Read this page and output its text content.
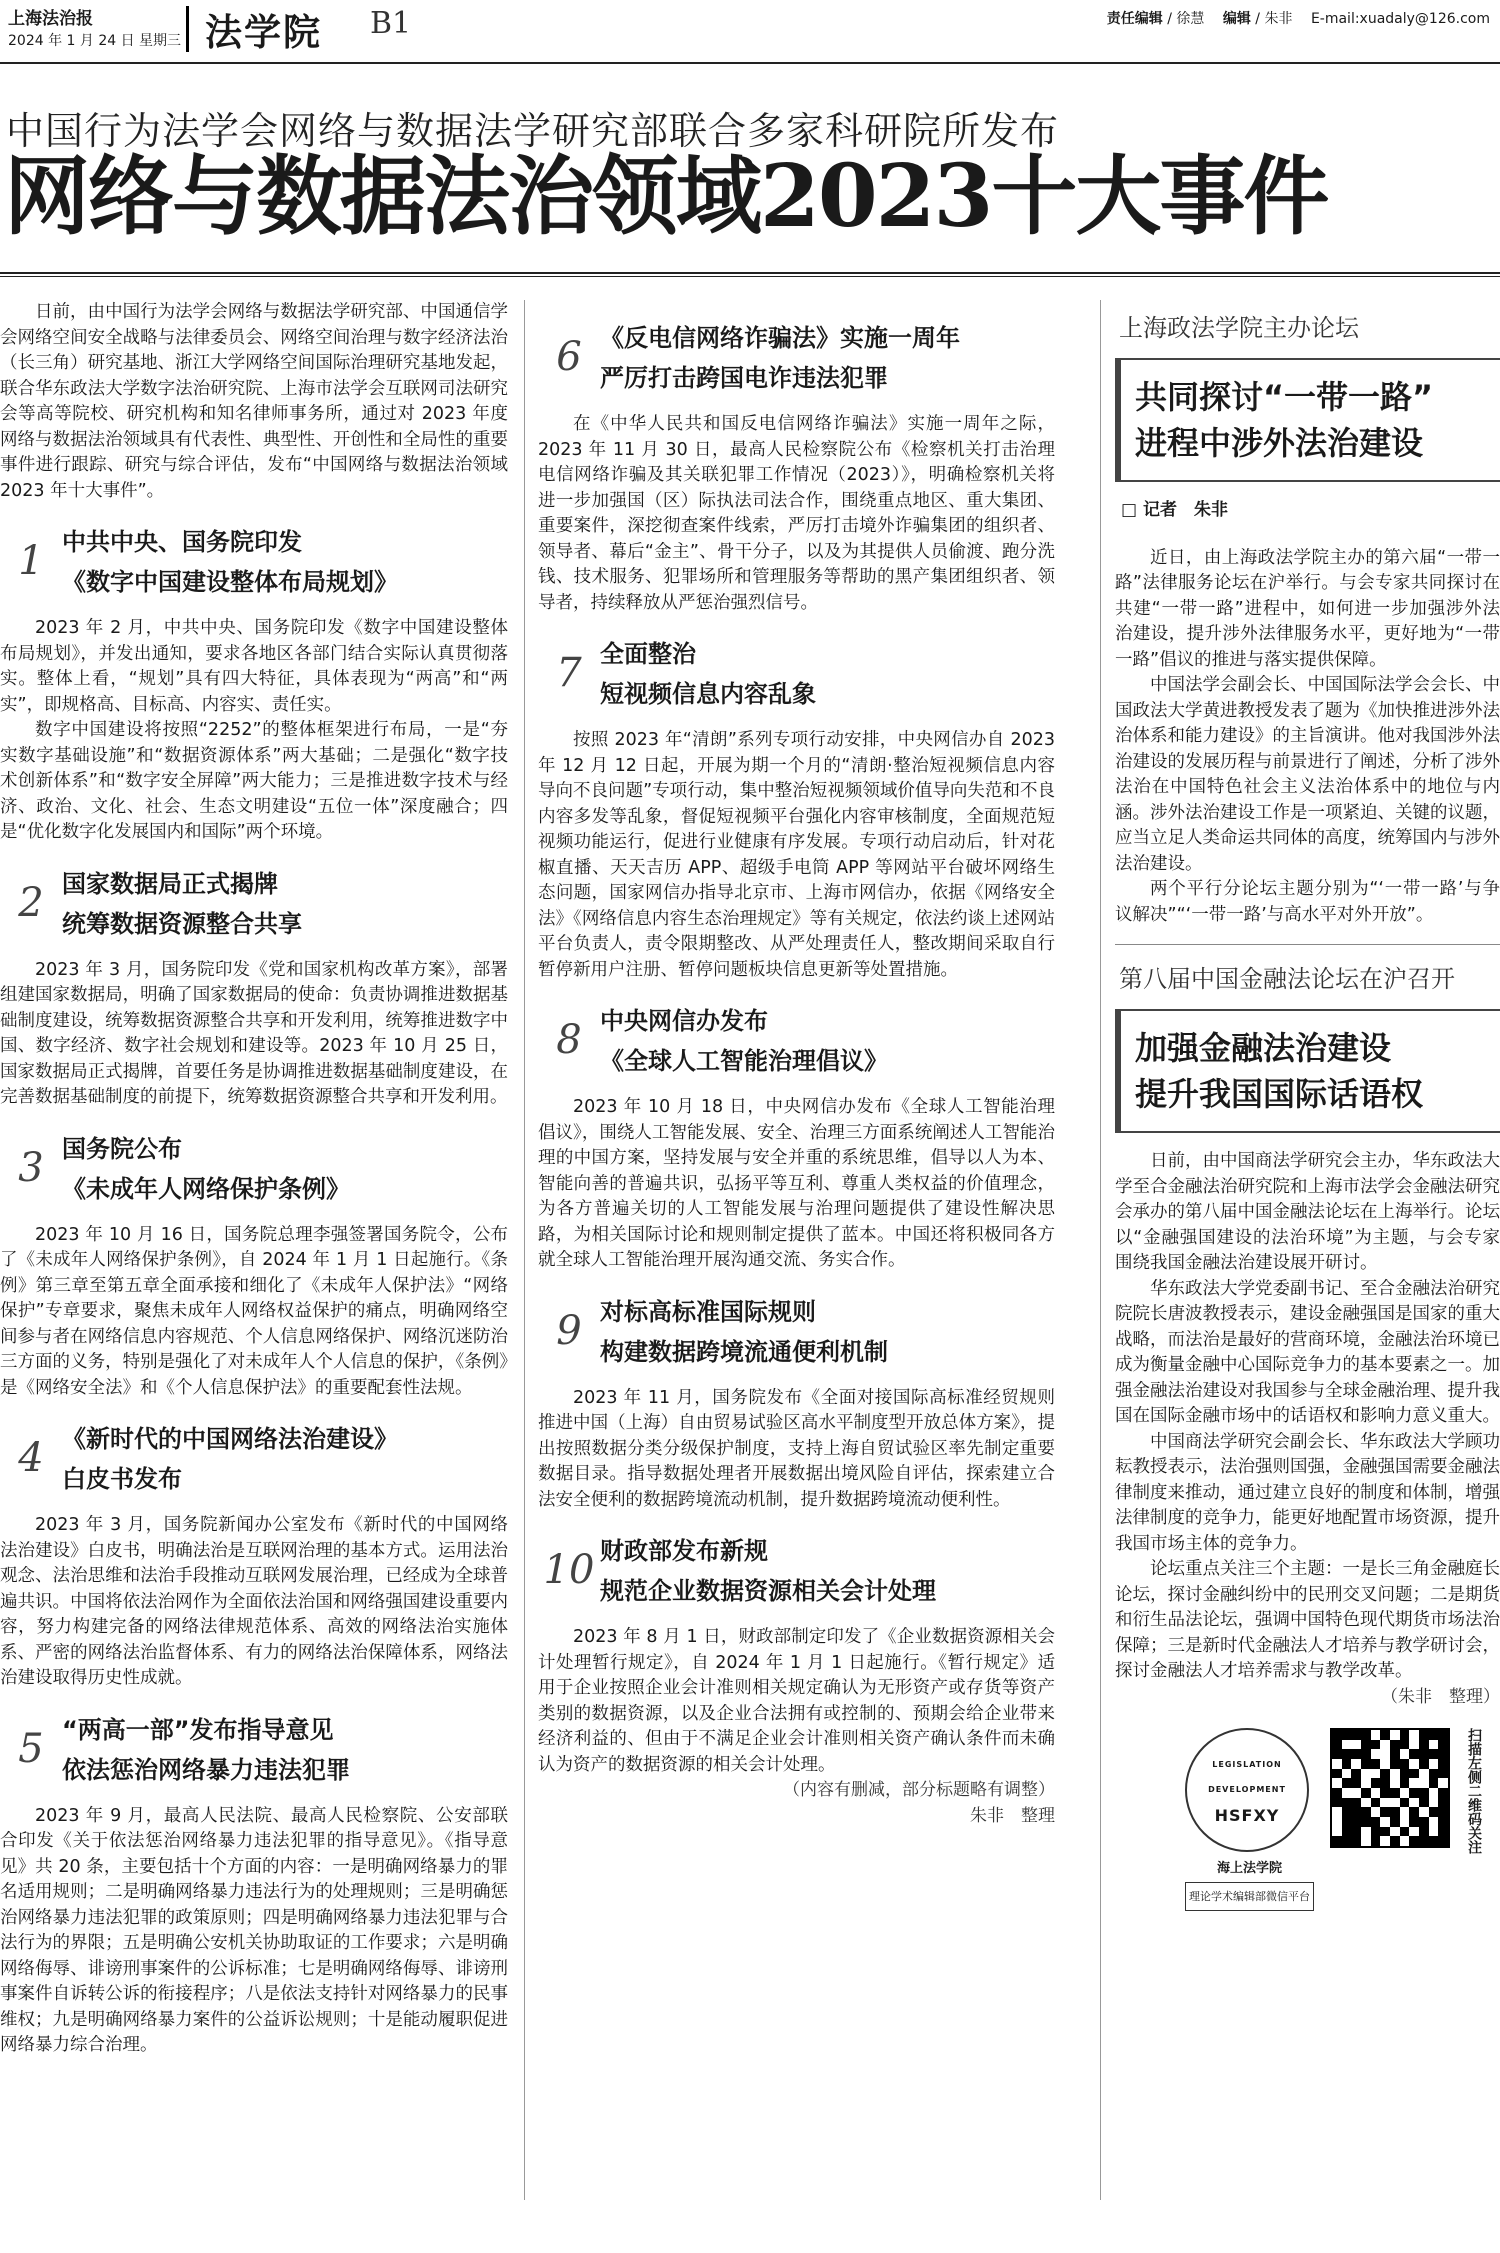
上海法治报
2024 年 1 月 24 日 星期三 法学院 B1	责任编辑 / 徐慧　 编辑 / 朱非　 E-mail:xuadaly@126.com
中国行为法学会网络与数据法学研究部联合多家科研院所发布
网络与数据法治领域2023十大事件

日前，由中国行为法学会网络与数据法学研究部、中国通信学会网络空间安全战略与法律委员会、网络空间治理与数字经济法治（长三角）研究基地、浙江大学网络空间国际治理研究基地发起，联合华东政法大学数字法治研究院、上海市法学会互联网司法研究会等高等院校、研究机构和知名律师事务所，通过对 2023 年度网络与数据法治领域具有代表性、典型性、开创性和全局性的重要事件进行跟踪、研究与综合评估，发布“中国网络与数据法治领域 2023 年十大事件”。

1 中共中央、国务院印发
《数字中国建设整体布局规划》

2023 年 2 月，中共中央、国务院印发《数字中国建设整体布局规划》，并发出通知，要求各地区各部门结合实际认真贯彻落实。整体上看，“规划”具有四大特征，具体表现为“两高”和“两实”，即规格高、目标高、内容实、责任实。

数字中国建设将按照“2252”的整体框架进行布局，一是“夯实数字基础设施”和“数据资源体系”两大基础；二是强化“数字技术创新体系”和“数字安全屏障”两大能力；三是推进数字技术与经济、政治、文化、社会、生态文明建设“五位一体”深度融合；四是“优化数字化发展国内和国际”两个环境。

2 国家数据局正式揭牌
统筹数据资源整合共享

2023 年 3 月，国务院印发《党和国家机构改革方案》，部署组建国家数据局，明确了国家数据局的使命：负责协调推进数据基础制度建设，统筹数据资源整合共享和开发利用，统筹推进数字中国、数字经济、数字社会规划和建设等。2023 年 10 月 25 日，国家数据局正式揭牌，首要任务是协调推进数据基础制度建设，在完善数据基础制度的前提下，统筹数据资源整合共享和开发利用。

3 国务院公布
《未成年人网络保护条例》

2023 年 10 月 16 日，国务院总理李强签署国务院令，公布了《未成年人网络保护条例》，自 2024 年 1 月 1 日起施行。《条例》第三章至第五章全面承接和细化了《未成年人保护法》“网络保护”专章要求，聚焦未成年人网络权益保护的痛点，明确网络空间参与者在网络信息内容规范、个人信息网络保护、网络沉迷防治三方面的义务，特别是强化了对未成年人个人信息的保护，《条例》是《网络安全法》和《个人信息保护法》的重要配套性法规。

4 《新时代的中国网络法治建设》
白皮书发布

2023 年 3 月，国务院新闻办公室发布《新时代的中国网络法治建设》白皮书，明确法治是互联网治理的基本方式。运用法治观念、法治思维和法治手段推动互联网发展治理，已经成为全球普遍共识。中国将依法治网作为全面依法治国和网络强国建设重要内容，努力构建完备的网络法律规范体系、高效的网络法治实施体系、严密的网络法治监督体系、有力的网络法治保障体系，网络法治建设取得历史性成就。

5 “两高一部”发布指导意见
依法惩治网络暴力违法犯罪

2023 年 9 月，最高人民法院、最高人民检察院、公安部联合印发《关于依法惩治网络暴力违法犯罪的指导意见》。《指导意见》共 20 条，主要包括十个方面的内容：一是明确网络暴力的罪名适用规则；二是明确网络暴力违法行为的处理规则；三是明确惩治网络暴力违法犯罪的政策原则；四是明确网络暴力违法犯罪与合法行为的界限；五是明确公安机关协助取证的工作要求；六是明确网络侮辱、诽谤刑事案件的公诉标准；七是明确网络侮辱、诽谤刑事案件自诉转公诉的衔接程序；八是依法支持针对网络暴力的民事维权；九是明确网络暴力案件的公益诉讼规则；十是能动履职促进网络暴力综合治理。

6 《反电信网络诈骗法》实施一周年
严厉打击跨国电诈违法犯罪

在《中华人民共和国反电信网络诈骗法》实施一周年之际，2023 年 11 月 30 日，最高人民检察院公布《检察机关打击治理电信网络诈骗及其关联犯罪工作情况（2023）》，明确检察机关将进一步加强国（区）际执法司法合作，围绕重点地区、重大集团、重要案件，深挖彻查案件线索，严厉打击境外诈骗集团的组织者、领导者、幕后“金主”、骨干分子，以及为其提供人员偷渡、跑分洗钱、技术服务、犯罪场所和管理服务等帮助的黑产集团组织者、领导者，持续释放从严惩治强烈信号。

7 全面整治
短视频信息内容乱象

按照 2023 年“清朗”系列专项行动安排，中央网信办自 2023 年 12 月 12 日起，开展为期一个月的“清朗·整治短视频信息内容导向不良问题”专项行动，集中整治短视频领域价值导向失范和不良内容多发等乱象，督促短视频平台强化内容审核制度，全面规范短视频功能运行，促进行业健康有序发展。专项行动启动后，针对花椒直播、天天吉历 APP、超级手电筒 APP 等网站平台破坏网络生态问题，国家网信办指导北京市、上海市网信办，依据《网络安全法》《网络信息内容生态治理规定》等有关规定，依法约谈上述网站平台负责人，责令限期整改、从严处理责任人，整改期间采取自行暂停新用户注册、暂停问题板块信息更新等处置措施。

8 中央网信办发布
《全球人工智能治理倡议》

2023 年 10 月 18 日，中央网信办发布《全球人工智能治理倡议》，围绕人工智能发展、安全、治理三方面系统阐述人工智能治理的中国方案，坚持发展与安全并重的系统思维，倡导以人为本、智能向善的普遍共识，弘扬平等互利、尊重人类权益的价值理念，为各方普遍关切的人工智能发展与治理问题提供了建设性解决思路，为相关国际讨论和规则制定提供了蓝本。中国还将积极同各方就全球人工智能治理开展沟通交流、务实合作。

9 对标高标准国际规则
构建数据跨境流通便利机制

2023 年 11 月，国务院发布《全面对接国际高标准经贸规则推进中国（上海）自由贸易试验区高水平制度型开放总体方案》，提出按照数据分类分级保护制度，支持上海自贸试验区率先制定重要数据目录。指导数据处理者开展数据出境风险自评估，探索建立合法安全便利的数据跨境流动机制，提升数据跨境流动便利性。

10 财政部发布新规
规范企业数据资源相关会计处理

2023 年 8 月 1 日，财政部制定印发了《企业数据资源相关会计处理暂行规定》，自 2024 年 1 月 1 日起施行。《暂行规定》适用于企业按照企业会计准则相关规定确认为无形资产或存货等资产类别的数据资源，以及企业合法拥有或控制的、预期会给企业带来经济利益的、但由于不满足企业会计准则相关资产确认条件而未确认为资产的数据资源的相关会计处理。

（内容有删减，部分标题略有调整）

朱非　整理

上海政法学院主办论坛
共同探讨“一带一路”
进程中涉外法治建设
□ 记者　朱非

近日，由上海政法学院主办的第六届“一带一路”法律服务论坛在沪举行。与会专家共同探讨在共建“一带一路”进程中，如何进一步加强涉外法治建设，提升涉外法律服务水平，更好地为“一带一路”倡议的推进与落实提供保障。

中国法学会副会长、中国国际法学会会长、中国政法大学黄进教授发表了题为《加快推进涉外法治体系和能力建设》的主旨演讲。他对我国涉外法治建设的发展历程与前景进行了阐述，分析了涉外法治在中国特色社会主义法治体系中的地位与内涵。涉外法治建设工作是一项紧迫、关键的议题，应当立足人类命运共同体的高度，统筹国内与涉外法治建设。

两个平行分论坛主题分别为“‘一带一路’与争议解决”“‘一带一路’与高水平对外开放”。

第八届中国金融法论坛在沪召开
加强金融法治建设
提升我国国际话语权

日前，由中国商法学研究会主办，华东政法大学至合金融法治研究院和上海市法学会金融法研究会承办的第八届中国金融法论坛在上海举行。论坛以“金融强国建设的法治环境”为主题，与会专家围绕我国金融法治建设展开研讨。

华东政法大学党委副书记、至合金融法治研究院院长唐波教授表示，建设金融强国是国家的重大战略，而法治是最好的营商环境，金融法治环境已成为衡量金融中心国际竞争力的基本要素之一。加强金融法治建设对我国参与全球金融治理、提升我国在国际金融市场中的话语权和影响力意义重大。

中国商法学研究会副会长、华东政法大学顾功耘教授表示，法治强则国强，金融强国需要金融法律制度来推动，通过建立良好的制度和体制，增强法律制度的竞争力，能更好地配置市场资源，提升我国市场主体的竞争力。

论坛重点关注三个主题：一是长三角金融庭长论坛，探讨金融纠纷中的民刑交叉问题；二是期货和衍生品法论坛，强调中国特色现代期货市场法治保障；三是新时代金融法人才培养与教学研讨会，探讨金融法人才培养需求与教学改革。

（朱非　整理）

LEGISLATION DEVELOPMENT
HSFXY
海上法学院
理论学术编辑部微信平台
扫描左侧二维码关注
